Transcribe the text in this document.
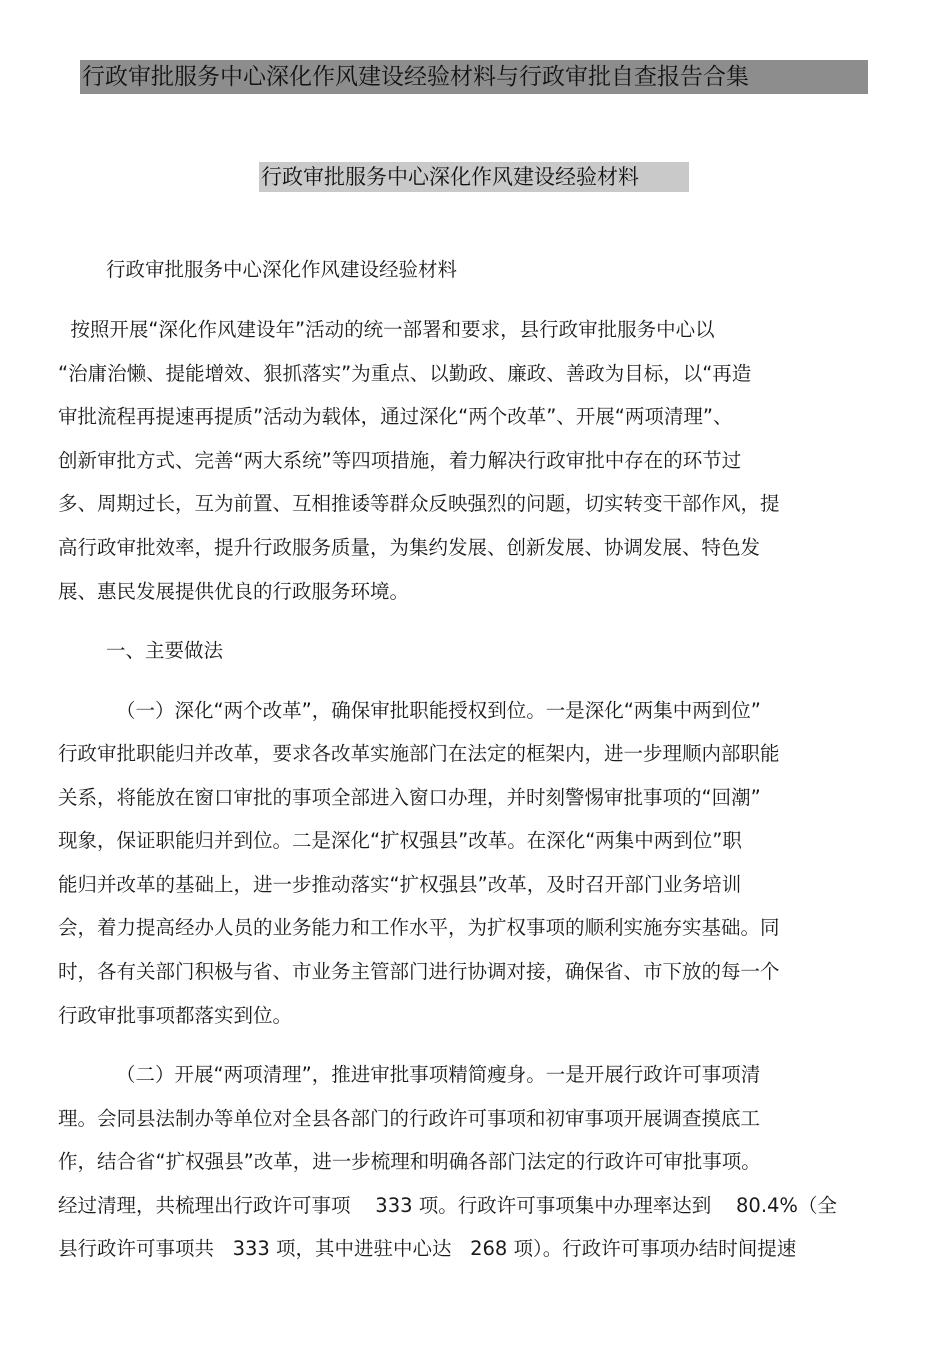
行政审批服务中心深化作风建设经验材料与行政审批自查报告合集
行政审批服务中心深化作风建设经验材料
行政审批服务中心深化作风建设经验材料
按照开展“深化作风建设年”活动的统一部署和要求，县行政审批服务中心以
“治庸治懒、提能增效、狠抓落实”为重点、以勤政、廉政、善政为目标，以“再造
审批流程再提速再提质”活动为载体，通过深化“两个改革”、开展“两项清理”、
创新审批方式、完善“两大系统”等四项措施，着力解决行政审批中存在的环节过
多、周期过长，互为前置、互相推诿等群众反映强烈的问题，切实转变干部作风，提
高行政审批效率，提升行政服务质量，为集约发展、创新发展、协调发展、特色发
展、惠民发展提供优良的行政服务环境。
一、主要做法
（一）深化“两个改革”，确保审批职能授权到位。一是深化“两集中两到位”
行政审批职能归并改革，要求各改革实施部门在法定的框架内，进一步理顺内部职能
关系，将能放在窗口审批的事项全部进入窗口办理，并时刻警惕审批事项的“回潮”
现象，保证职能归并到位。二是深化“扩权强县”改革。在深化“两集中两到位”职
能归并改革的基础上，进一步推动落实“扩权强县”改革，及时召开部门业务培训
会，着力提高经办人员的业务能力和工作水平，为扩权事项的顺利实施夯实基础。同
时，各有关部门积极与省、市业务主管部门进行协调对接，确保省、市下放的每一个
行政审批事项都落实到位。
（二）开展“两项清理”，推进审批事项精简瘦身。一是开展行政许可事项清
理。会同县法制办等单位对全县各部门的行政许可事项和初审事项开展调查摸底工
作，结合省“扩权强县”改革，进一步梳理和明确各部门法定的行政许可审批事项。
经过清理，共梳理出行政许可事项    333 项。行政许可事项集中办理率达到    80.4%（全
县行政许可事项共   333 项，其中进驻中心达   268 项）。行政许可事项办结时间提速
